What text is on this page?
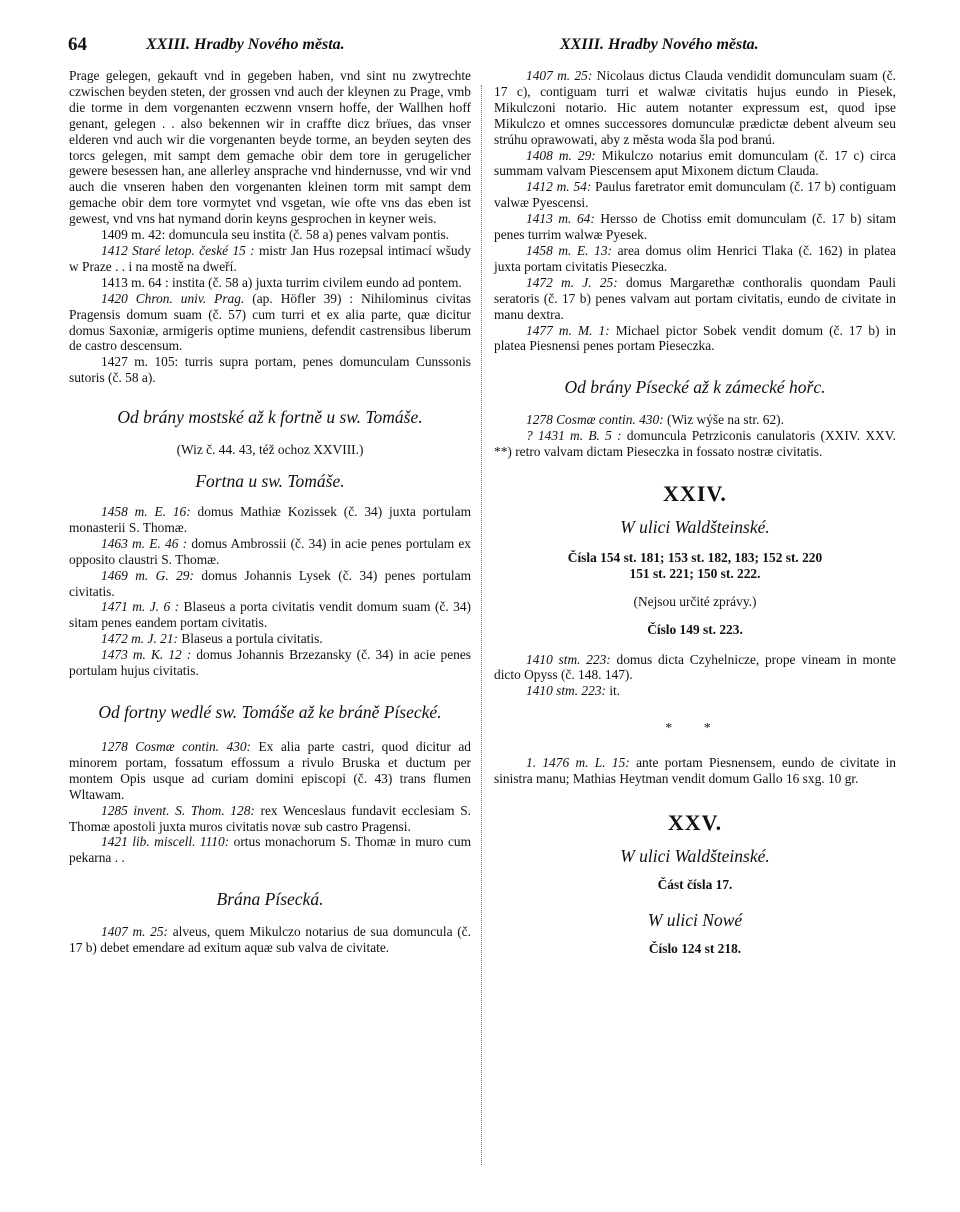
64	XXIII. Hradby Nového města.	XXIII. Hradby Nového města.

Prage gelegen, gekauft vnd in gegeben haben, vnd sint nu zwytrechte czwischen beyden steten, der grossen vnd auch der kleynen zu Prage, vmb die torme in dem vorgenanten eczwenn vnsern hoffe, der Wallhen hoff genant, gelegen . . also bekennen wir in craffte dicz brïues, das vnser elderen vnd auch wir die vorgenanten beyde torme, an beyden seyten des torcs gelegen, mit sampt dem gemache obir dem tore in gerugelicher gewere besessen han, ane allerley ansprache vnd hindernusse, vnd wir vnd auch die vnseren haben den vorgenanten kleinen torm mit sampt dem gemache obir dem tore vormytet vnd vsgetan, wie ofte vns das eben ist gewest, vnd vns hat nymand dorin keyns gesprochen in keyner weis.

1409 m. 42: domuncula seu instita (č. 58 a) penes valvam pontis.

1412 Staré letop. české 15 : mistr Jan Hus rozepsal intimací wšudy w Praze . . i na mostě na dweří.

1413 m. 64 : instita (č. 58 a) juxta turrim civilem eundo ad pontem.

1420 Chron. univ. Prag. (ap. Höfler 39) : Nihilominus civitas Pragensis domum suam (č. 57) cum turri et ex alia parte, quæ dicitur domus Saxoniæ, armigeris optime muniens, defendit castrensibus liberum de castro descensum.

1427 m. 105: turris supra portam, penes domunculam Cunssonis sutoris (č. 58 a).

Od brány mostské až k fortně u sw. Tomáše.

(Wiz č. 44. 43, též ochoz XXVIII.)

Fortna u sw. Tomáše.

1458 m. E. 16: domus Mathiæ Kozissek (č. 34) juxta portulam monasterii S. Thomæ.

1463 m. E. 46 : domus Ambrossii (č. 34) in acie penes portulam ex opposito claustri S. Thomæ.

1469 m. G. 29: domus Johannis Lysek (č. 34) penes portulam civitatis.

1471 m. J. 6 : Blaseus a porta civitatis vendit domum suam (č. 34) sitam penes eandem portam civitatis.

1472 m. J. 21: Blaseus a portula civitatis.

1473 m. K. 12 : domus Johannis Brzezansky (č. 34) in acie penes portulam hujus civitatis.

Od fortny wedlé sw. Tomáše až ke bráně Písecké.

1278 Cosmæ contin. 430: Ex alia parte castri, quod dicitur ad minorem portam, fossatum effossum a rivulo Bruska et ductum per montem Opis usque ad curiam domini episcopi (č. 43) trans flumen Wltawam.

1285 invent. S. Thom. 128: rex Wenceslaus fundavit ecclesiam S. Thomæ apostoli juxta muros civitatis novæ sub castro Pragensi.

1421 lib. miscell. 1110: ortus monachorum S. Thomæ in muro cum pekarna . .

Brána Písecká.

1407 m. 25: alveus, quem Mikulczo notarius de sua domuncula (č. 17 b) debet emendare ad exitum aquæ sub valva de civitate.

1407 m. 25: Nicolaus dictus Clauda vendidit domunculam suam (č. 17 c), contiguam turri et walwæ civitatis hujus eundo in Piesek, Mikulczoni notario. Hic autem notanter expressum est, quod ipse Mikulczo et omnes successores domunculæ prædictæ debent alveum seu strúhu oprawowati, aby z města woda šla pod branú.

1408 m. 29: Mikulczo notarius emit domunculam (č. 17 c) circa summam valvam Piescensem aput Mixonem dictum Clauda.

1412 m. 54: Paulus faretrator emit domunculam (č. 17 b) contiguam valwæ Pyescensi.

1413 m. 64: Hersso de Chotiss emit domunculam (č. 17 b) sitam penes turrim walwæ Pyesek.

1458 m. E. 13: area domus olim Henrici Tlaka (č. 162) in platea juxta portam civitatis Pieseczka.

1472 m. J. 25: domus Margarethæ conthoralis quondam Pauli seratoris (č. 17 b) penes valvam aut portam civitatis, eundo de civitate in manu dextra.

1477 m. M. 1: Michael pictor Sobek vendit domum (č. 17 b) in platea Piesnensi penes portam Pieseczka.

Od brány Písecké až k zámecké hořc.

1278 Cosmæ contin. 430: (Wiz wýše na str. 62).

? 1431 m. B. 5 : domuncula Petrziconis canulatoris (XXIV. XXV. **) retro valvam dictam Pieseczka in fossato nostræ civitatis.

XXIV.

W ulici Waldšteinské.

Čísla 154 st. 181; 153 st. 182, 183; 152 st. 220

151 st. 221; 150 st. 222.

(Nejsou určité zprávy.)

Číslo 149 st. 223.

1410 stm. 223: domus dicta Czyhelnicze, prope vineam in monte dicto Opyss (č. 148. 147).

1410 stm. 223: it.

* *

1. 1476 m. L. 15: ante portam Piesnensem, eundo de civitate in sinistra manu; Mathias Heytman vendit domum Gallo 16 sxg. 10 gr.

XXV.

W ulici Waldšteinské.

Část čísla 17.

W ulici Nowé

Číslo 124 st 218.
